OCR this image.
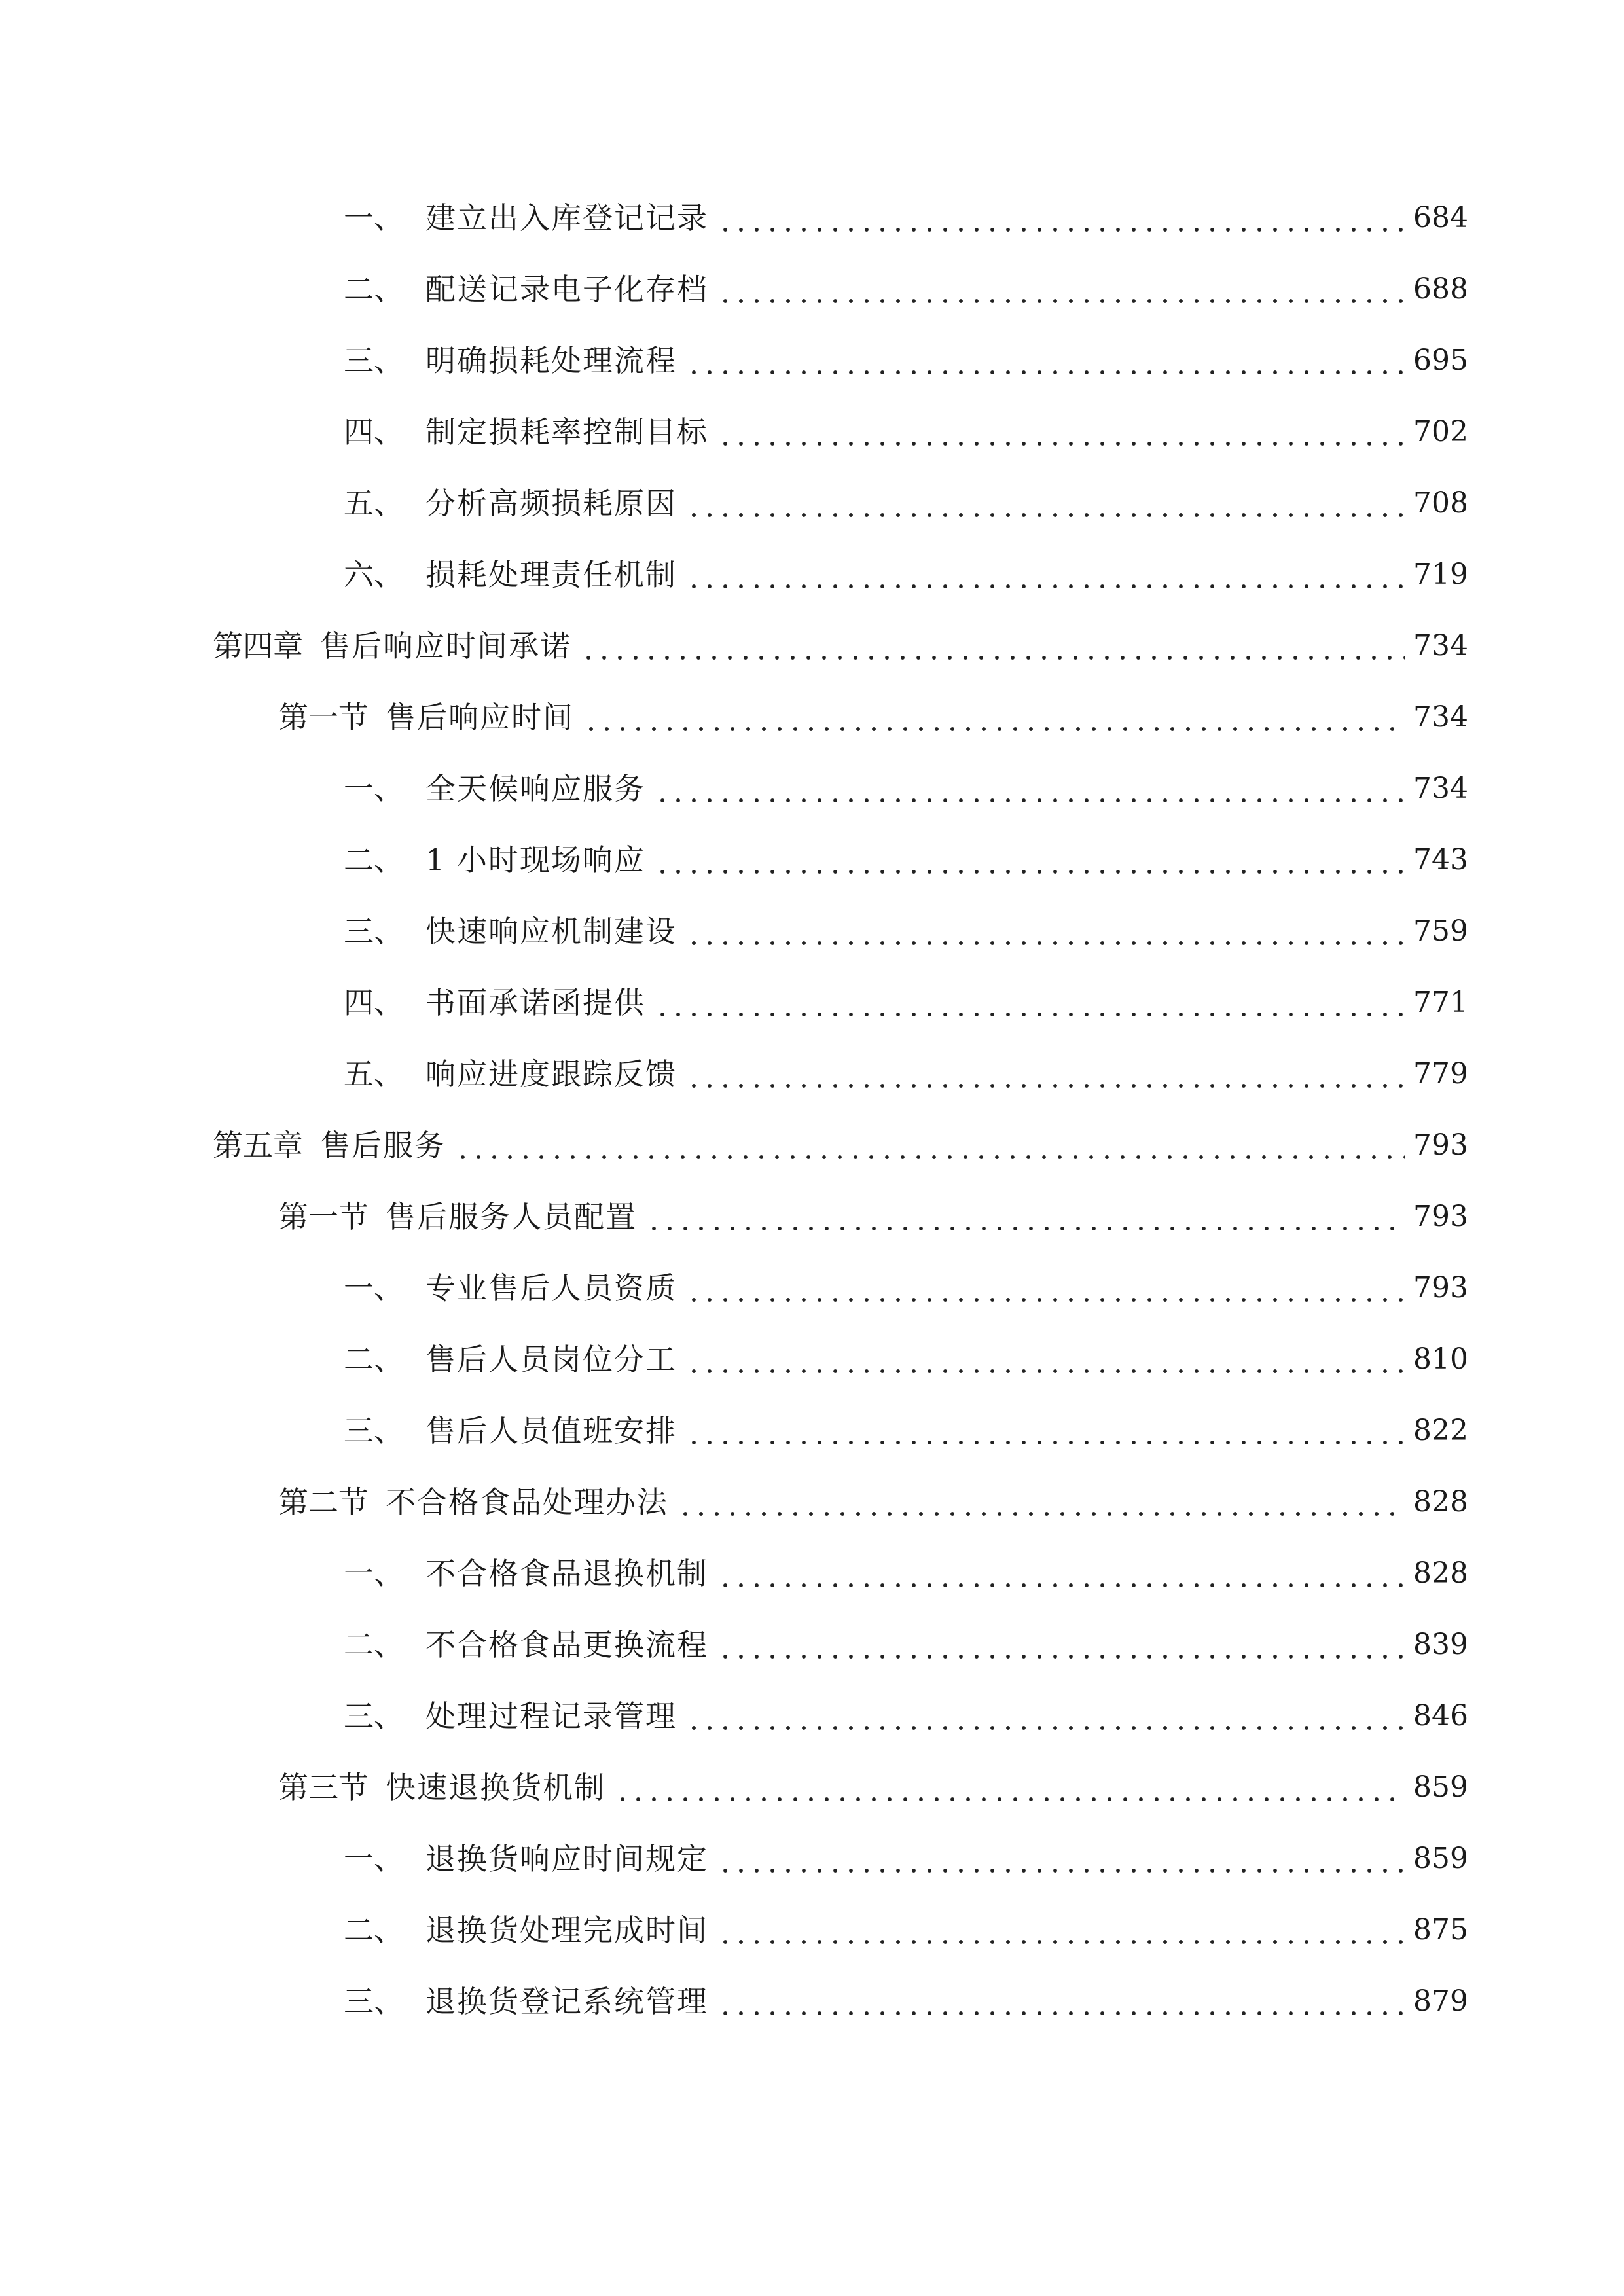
一、 建立出入库登记记录	684
二、 配送记录电子化存档	688
三、 明确损耗处理流程	695
四、 制定损耗率控制目标	702
五、 分析高频损耗原因	708
六、 损耗处理责任机制	719
第四章 售后响应时间承诺	734
第一节 售后响应时间	734
一、 全天候响应服务	734
二、 1 小时现场响应	743
三、 快速响应机制建设	759
四、 书面承诺函提供	771
五、 响应进度跟踪反馈	779
第五章 售后服务	793
第一节 售后服务人员配置	793
一、 专业售后人员资质	793
二、 售后人员岗位分工	810
三、 售后人员值班安排	822
第二节 不合格食品处理办法	828
一、 不合格食品退换机制	828
二、 不合格食品更换流程	839
三、 处理过程记录管理	846
第三节 快速退换货机制	859
一、 退换货响应时间规定	859
二、 退换货处理完成时间	875
三、 退换货登记系统管理	879
